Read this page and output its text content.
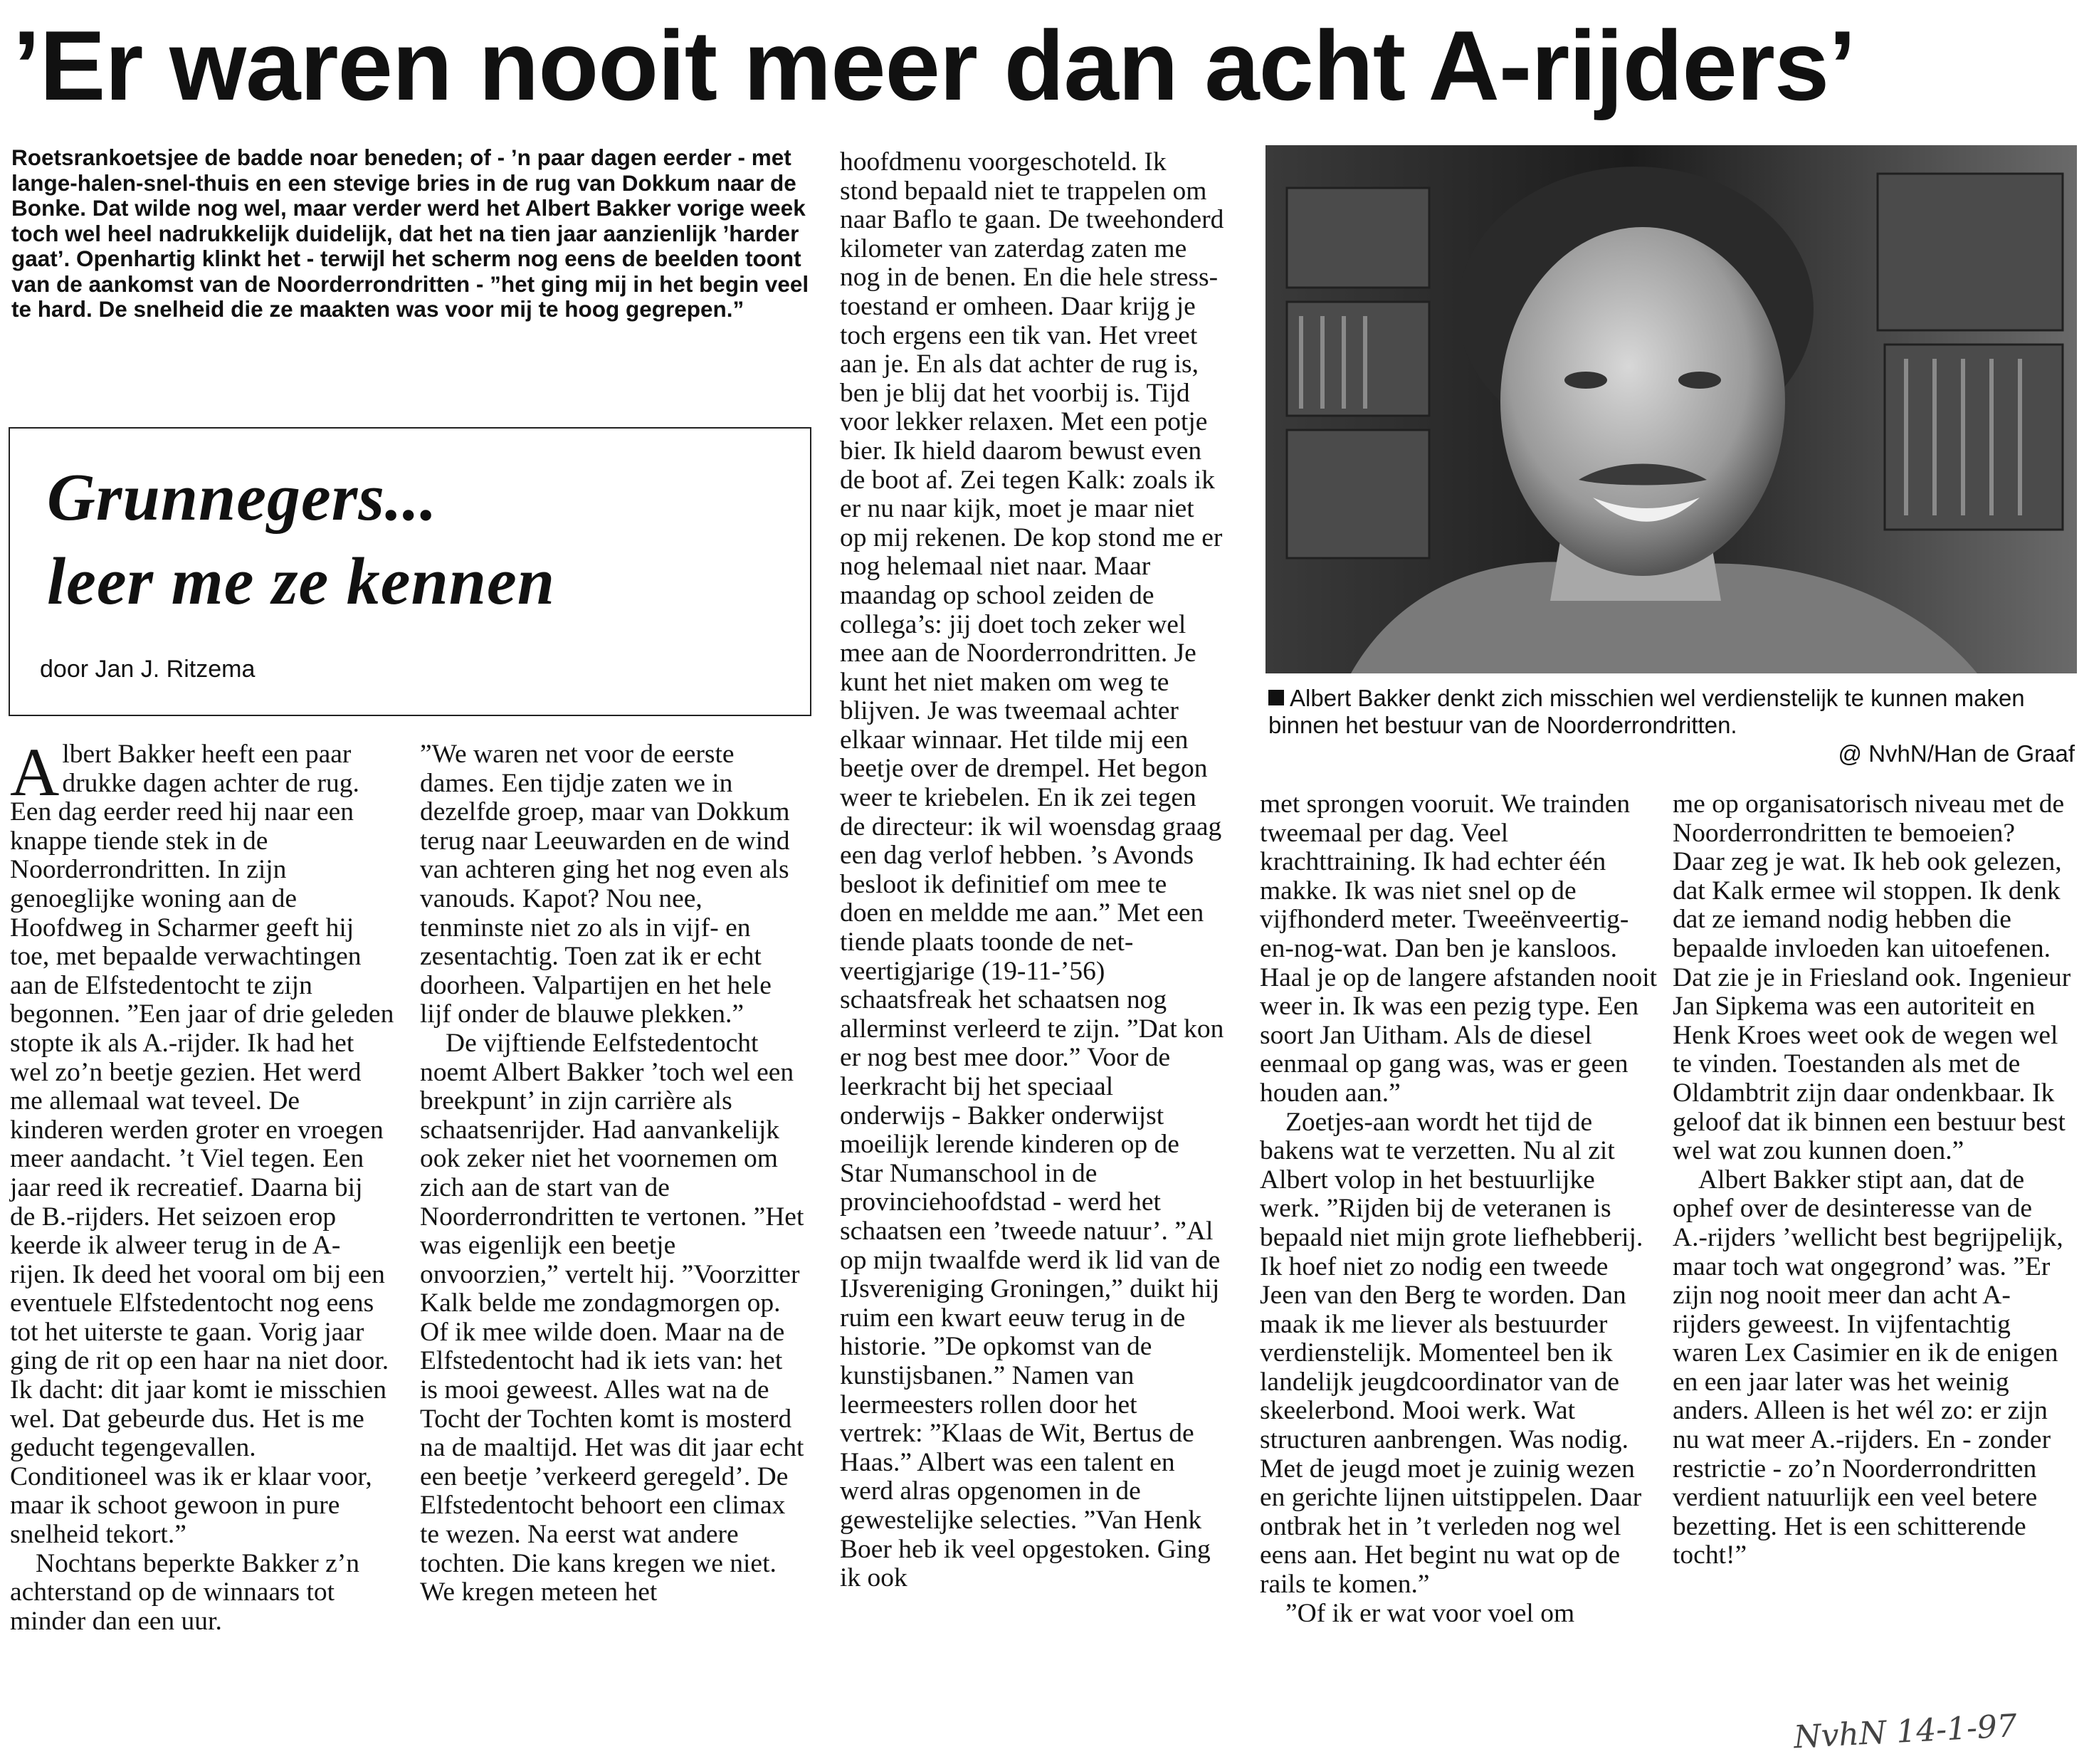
’Er waren nooit meer dan acht A-rijders’
Roetsrankoetsjee de badde noar beneden; of - ’n paar dagen eerder - met lange-halen-snel-thuis en een stevige bries in de rug van Dokkum naar de Bonke. Dat wilde nog wel, maar verder werd het Albert Bakker vorige week toch wel heel nadrukkelijk duidelijk, dat het na tien jaar aanzienlijk ’harder gaat’. Openhartig klinkt het - terwijl het scherm nog eens de beelden toont van de aankomst van de Noorderrondritten - ”het ging mij in het begin veel te hard. De snelheid die ze maakten was voor mij te hoog gegrepen.”
Grunnegers...
leer me ze kennen
door Jan J. Ritzema

Albert Bakker heeft een paar drukke dagen achter de rug. Een dag eerder reed hij naar een knappe tiende stek in de Noorderrondritten. In zijn genoeglijke woning aan de Hoofdweg in Scharmer geeft hij toe, met bepaalde verwachtingen aan de Elfstedentocht te zijn begonnen. ”Een jaar of drie geleden stopte ik als A.-rijder. Ik had het wel zo’n beetje gezien. Het werd me allemaal wat teveel. De kinderen werden groter en vroegen meer aandacht. ’t Viel tegen. Een jaar reed ik recreatief. Daarna bij de B.-rijders. Het seizoen erop keerde ik alweer terug in de A-rijen. Ik deed het vooral om bij een eventuele Elfstedentocht nog eens tot het uiterste te gaan. Vorig jaar ging de rit op een haar na niet door. Ik dacht: dit jaar komt ie misschien wel. Dat gebeurde dus. Het is me geducht tegengevallen. Conditioneel was ik er klaar voor, maar ik schoot gewoon in pure snelheid tekort.”

Nochtans beperkte Bakker z’n achterstand op de winnaars tot minder dan een uur.

”We waren net voor de eerste dames. Een tijdje zaten we in dezelfde groep, maar van Dokkum terug naar Leeuwarden en de wind van achteren ging het nog even als vanouds. Kapot? Nou nee, tenminste niet zo als in vijf- en zesentachtig. Toen zat ik er echt doorheen. Valpartijen en het hele lijf onder de blauwe plekken.”

De vijftiende Eelfstedentocht noemt Albert Bakker ’toch wel een breekpunt’ in zijn carrière als schaatsenrijder. Had aanvankelijk ook zeker niet het voornemen om zich aan de start van de Noorderrondritten te vertonen. ”Het was eigenlijk een beetje onvoorzien,” vertelt hij. ”Voorzitter Kalk belde me zondagmorgen op. Of ik mee wilde doen. Maar na de Elfstedentocht had ik iets van: het is mooi geweest. Alles wat na de Tocht der Tochten komt is mosterd na de maaltijd. Het was dit jaar echt een beetje ’verkeerd geregeld’. De Elfstedentocht behoort een climax te wezen. Na eerst wat andere tochten. Die kans kregen we niet. We kregen meteen het

hoofdmenu voorgeschoteld. Ik stond bepaald niet te trappelen om naar Baflo te gaan. De tweehonderd kilometer van zaterdag zaten me nog in de benen. En die hele stress-toestand er omheen. Daar krijg je toch ergens een tik van. Het vreet aan je. En als dat achter de rug is, ben je blij dat het voorbij is. Tijd voor lekker relaxen. Met een potje bier. Ik hield daarom bewust even de boot af. Zei tegen Kalk: zoals ik er nu naar kijk, moet je maar niet op mij rekenen. De kop stond me er nog helemaal niet naar. Maar maandag op school zeiden de collega’s: jij doet toch zeker wel mee aan de Noorderrondritten. Je kunt het niet maken om weg te blijven. Je was tweemaal achter elkaar winnaar. Het tilde mij een beetje over de drempel. Het begon weer te kriebelen. En ik zei tegen de directeur: ik wil woensdag graag een dag verlof hebben. ’s Avonds besloot ik definitief om mee te doen en meldde me aan.” Met een tiende plaats toonde de net-veertigjarige (19-11-’56) schaatsfreak het schaatsen nog allerminst verleerd te zijn. ”Dat kon er nog best mee door.” Voor de leerkracht bij het speciaal onderwijs - Bakker onderwijst moeilijk lerende kinderen op de Star Numanschool in de provinciehoofdstad - werd het schaatsen een ’tweede natuur’. ”Al op mijn twaalfde werd ik lid van de IJsvereniging Groningen,” duikt hij ruim een kwart eeuw terug in de historie. ”De opkomst van de kunstijsbanen.” Namen van leermeesters rollen door het vertrek: ”Klaas de Wit, Bertus de Haas.” Albert was een talent en werd alras opgenomen in de gewestelijke selecties. ”Van Henk Boer heb ik veel opgestoken. Ging ik ook

Albert Bakker denkt zich misschien wel verdienstelijk te kunnen maken binnen het bestuur van de Noorderrondritten.
@ NvhN/Han de Graaf

met sprongen vooruit. We trainden tweemaal per dag. Veel krachttraining. Ik had echter één makke. Ik was niet snel op de vijfhonderd meter. Tweeënveertig-en-nog-wat. Dan ben je kansloos. Haal je op de langere afstanden nooit weer in. Ik was een pezig type. Een soort Jan Uitham. Als de diesel eenmaal op gang was, was er geen houden aan.”

Zoetjes-aan wordt het tijd de bakens wat te verzetten. Nu al zit Albert volop in het bestuurlijke werk. ”Rijden bij de veteranen is bepaald niet mijn grote liefhebberij. Ik hoef niet zo nodig een tweede Jeen van den Berg te worden. Dan maak ik me liever als bestuurder verdienstelijk. Momenteel ben ik landelijk jeugdcoordinator van de skeelerbond. Mooi werk. Wat structuren aanbrengen. Was nodig. Met de jeugd moet je zuinig wezen en gerichte lijnen uitstippelen. Daar ontbrak het in ’t verleden nog wel eens aan. Het begint nu wat op de rails te komen.”

”Of ik er wat voor voel om

me op organisatorisch niveau met de Noorderrondritten te bemoeien? Daar zeg je wat. Ik heb ook gelezen, dat Kalk ermee wil stoppen. Ik denk dat ze iemand nodig hebben die bepaalde invloeden kan uitoefenen. Dat zie je in Friesland ook. Ingenieur Jan Sipkema was een autoriteit en Henk Kroes weet ook de wegen wel te vinden. Toestanden als met de Oldambtrit zijn daar ondenkbaar. Ik geloof dat ik binnen een bestuur best wel wat zou kunnen doen.”

Albert Bakker stipt aan, dat de ophef over de desinteresse van de A.-rijders ’wellicht best begrijpelijk, maar toch wat ongegrond’ was. ”Er zijn nog nooit meer dan acht A-rijders geweest. In vijfentachtig waren Lex Casimier en ik de enigen en een jaar later was het weinig anders. Alleen is het wél zo: er zijn nu wat meer A.-rijders. En - zonder restrictie - zo’n Noorderrondritten verdient natuurlijk een veel betere bezetting. Het is een schitterende tocht!”

NvhN 14-1-97
